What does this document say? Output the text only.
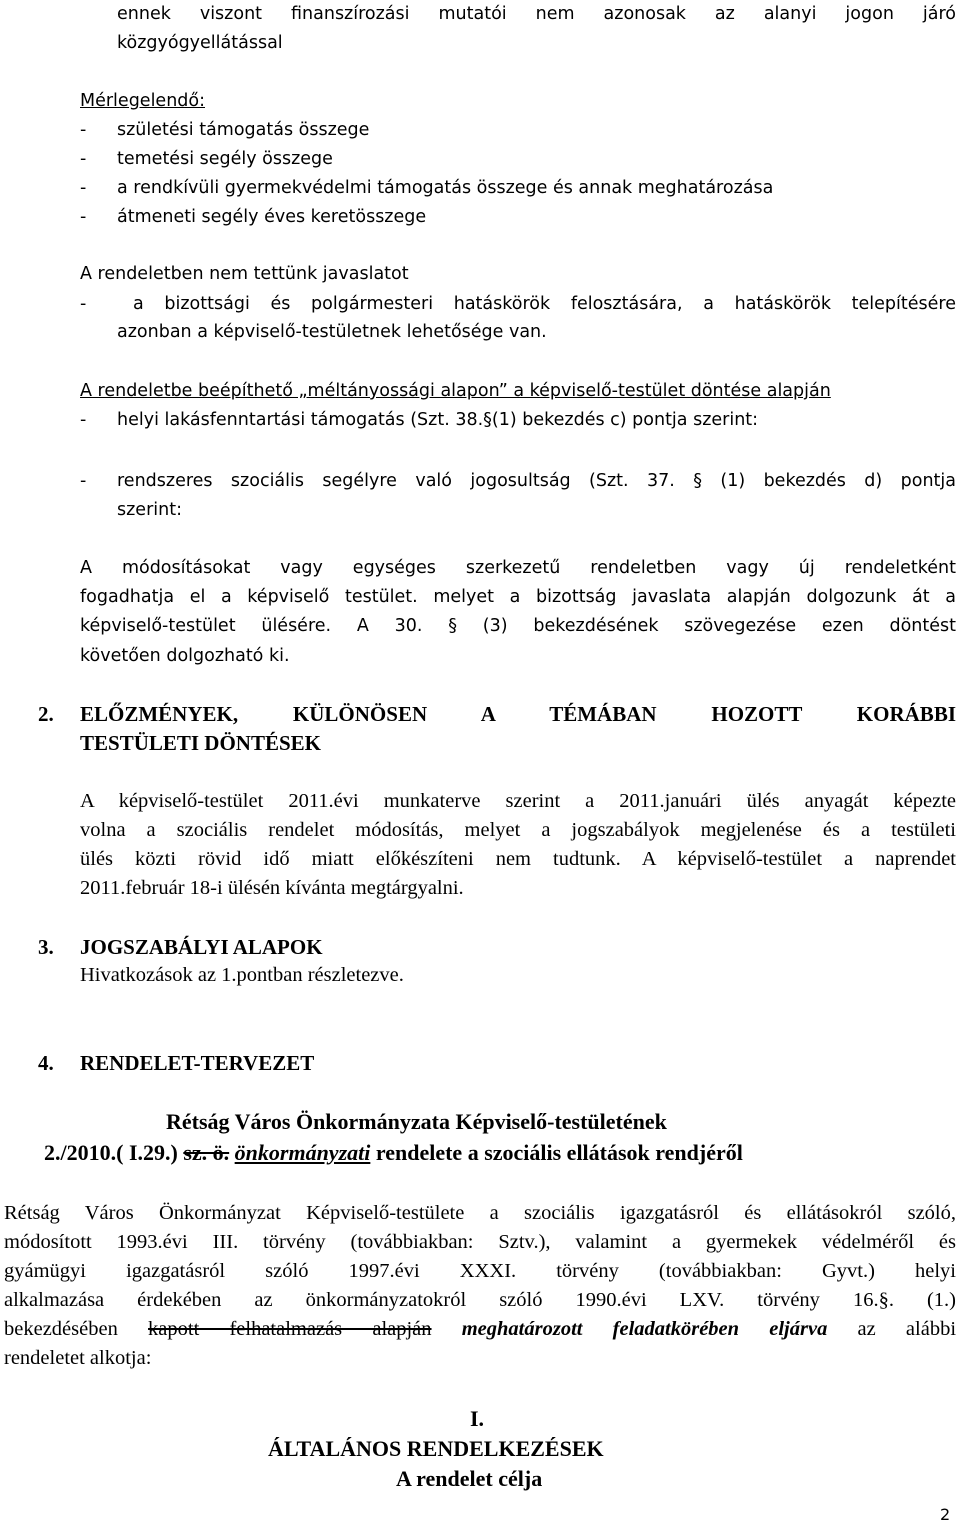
ennek viszont finanszírozási mutatói nem azonosak az alanyi jogon járó
közgyógyellátással
Mérlegelendő:
- születési támogatás összege
- temetési segély összege
- a rendkívüli gyermekvédelmi támogatás összege és annak meghatározása
- átmeneti segély éves keretösszege
A rendeletben nem tettünk javaslatot
-	a bizottsági és polgármesteri hatáskörök felosztására, a hatáskörök telepítésére
azonban a képviselő-testületnek lehetősége van.
A rendeletbe beépíthető „méltányossági alapon” a képviselő-testület döntése alapján
- helyi lakásfenntartási támogatás (Szt. 38.§(1) bekezdés c) pontja szerint:
- rendszeres szociális segélyre való jogosultság (Szt. 37. § (1) bekezdés d) pontja
szerint:
A módosításokat vagy egységes szerkezetű rendeletben vagy új rendeletként
fogadhatja el a képviselő testület. melyet a bizottság javaslata alapján dolgozunk át a
képviselő-testület ülésére. A 30. § (3) bekezdésének szövegezése ezen döntést
követően dolgozható ki.
2. ELŐZMÉNYEK, KÜLÖNÖSEN A TÉMÁBAN HOZOTT KORÁBBI
TESTÜLETI DÖNTÉSEK
A képviselő-testület 2011.évi munkaterve szerint a 2011.januári ülés anyagát képezte
volna a szociális rendelet módosítás, melyet a jogszabályok megjelenése és a testületi
ülés közti rövid idő miatt előkészíteni nem tudtunk. A képviselő-testület a naprendet
2011.február 18-i ülésén kívánta megtárgyalni.
3. JOGSZABÁLYI ALAPOK
Hivatkozások az 1.pontban részletezve.
4. RENDELET-TERVEZET
Rétság Város Önkormányzata Képviselő-testületének
2./2010.( I.29.) sz. ö. önkormányzati rendelete a szociális ellátások rendjéről
Rétság Város Önkormányzat Képviselő-testülete a szociális igazgatásról és ellátásokról szóló,
módosított 1993.évi III. törvény (továbbiakban: Sztv.), valamint a gyermekek védelméről és
gyámügyi igazgatásról szóló 1997.évi XXXI. törvény (továbbiakban: Gyvt.) helyi
alkalmazása érdekében az önkormányzatokról szóló 1990.évi LXV. törvény 16.§. (1.)
bekezdésében kapott felhatalmazás alapján meghatározott feladatkörében eljárva az alábbi
rendeletet alkotja:
I.
ÁLTALÁNOS RENDELKEZÉSEK
A rendelet célja
2
